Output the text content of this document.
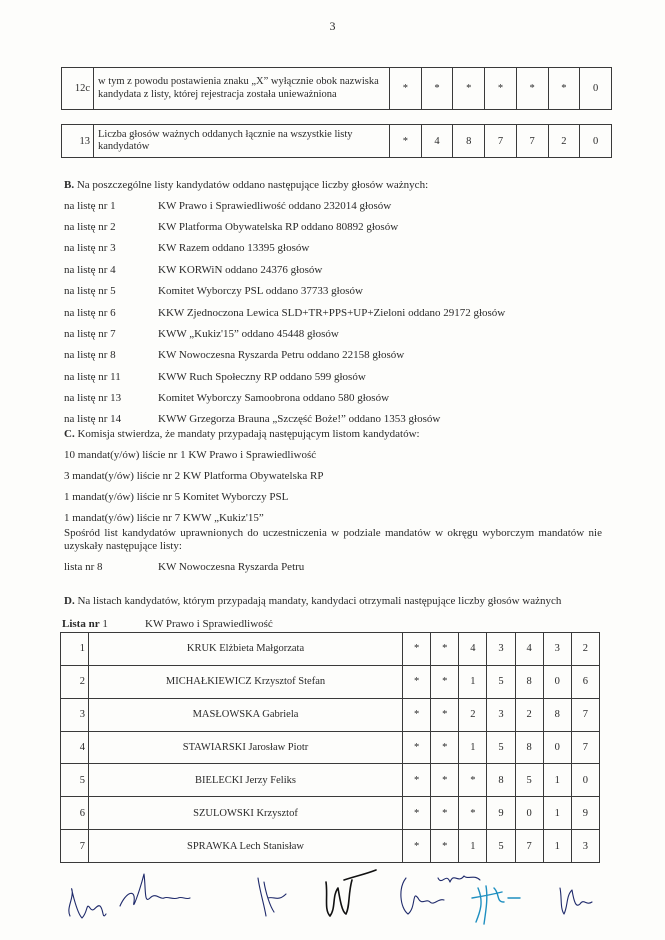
3
12c	w tym z powodu postawienia znaku „X” wyłącznie obok nazwiska kandydata z listy, której rejestracja została unieważniona	*	*	*	*	*	*	0
13	Liczba głosów ważnych oddanych łącznie na wszystkie listy kandydatów	*	4	8	7	7	2	0
B. Na poszczególne listy kandydatów oddano następujące liczby głosów ważnych:
na listę nr 1	KW Prawo i Sprawiedliwość oddano 232014 głosów
na listę nr 2	KW Platforma Obywatelska RP oddano 80892 głosów
na listę nr 3	KW Razem oddano 13395 głosów
na listę nr 4	KW KORWiN oddano 24376 głosów
na listę nr 5	Komitet Wyborczy PSL oddano 37733 głosów
na listę nr 6	KKW Zjednoczona Lewica SLD+TR+PPS+UP+Zieloni oddano 29172 głosów
na listę nr 7	KWW „Kukiz'15” oddano 45448 głosów
na listę nr 8	KW Nowoczesna Ryszarda Petru oddano 22158 głosów
na listę nr 11	KWW Ruch Społeczny RP oddano 599 głosów
na listę nr 13	Komitet Wyborczy Samoobrona oddano 580 głosów
na listę nr 14	KWW Grzegorza Brauna „Szczęść Boże!” oddano 1353 głosów
C. Komisja stwierdza, że mandaty przypadają następującym listom kandydatów:
10 mandat(y/ów) liście nr 1 KW Prawo i Sprawiedliwość
3 mandat(y/ów) liście nr 2 KW Platforma Obywatelska RP
1 mandat(y/ów) liście nr 5 Komitet Wyborczy PSL
1 mandat(y/ów) liście nr 7 KWW „Kukiz'15”
Spośród list kandydatów uprawnionych do uczestniczenia w podziale mandatów w okręgu wyborczym mandatów nie uzyskały następujące listy:
lista nr 8	KW Nowoczesna Ryszarda Petru
D. Na listach kandydatów, którym przypadają mandaty, kandydaci otrzymali następujące liczby głosów ważnych
Lista nr 1	KW Prawo i Sprawiedliwość
1	KRUK Elżbieta Małgorzata	*	*	4	3	4	3	2
2	MICHAŁKIEWICZ Krzysztof Stefan	*	*	1	5	8	0	6
3	MASŁOWSKA Gabriela	*	*	2	3	2	8	7
4	STAWIARSKI Jarosław Piotr	*	*	1	5	8	0	7
5	BIELECKI Jerzy Feliks	*	*	*	8	5	1	0
6	SZULOWSKI Krzysztof	*	*	*	9	0	1	9
7	SPRAWKA Lech Stanisław	*	*	1	5	7	1	3
